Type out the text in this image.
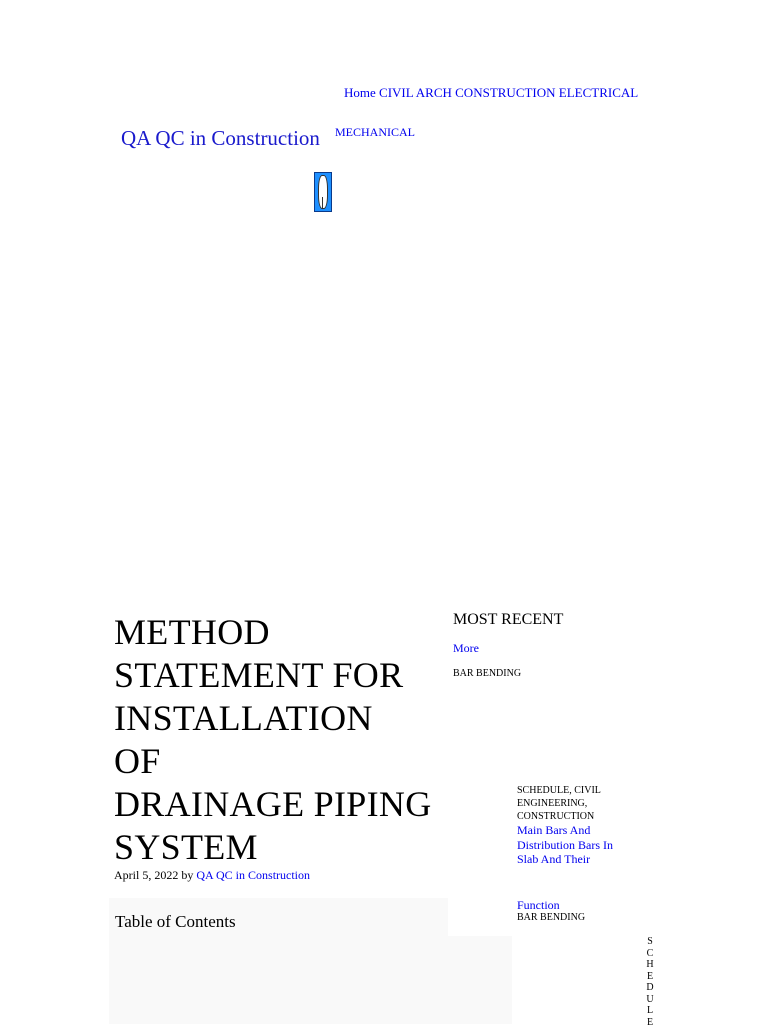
Home CIVIL ARCH CONSTRUCTION ELECTRICAL
QA QC in Construction MECHANICAL
METHOD
STATEMENT FOR
INSTALLATION
OF
DRAINAGE PIPING
SYSTEM
April 5, 2022 by QA QC in Construction
Table of Contents
MOST RECENT
More
BAR BENDING
SCHEDULE, CIVIL ENGINEERING, CONSTRUCTION
Main Bars And Distribution Bars In Slab And Their
Function
BAR BENDING
SCHEDULE
